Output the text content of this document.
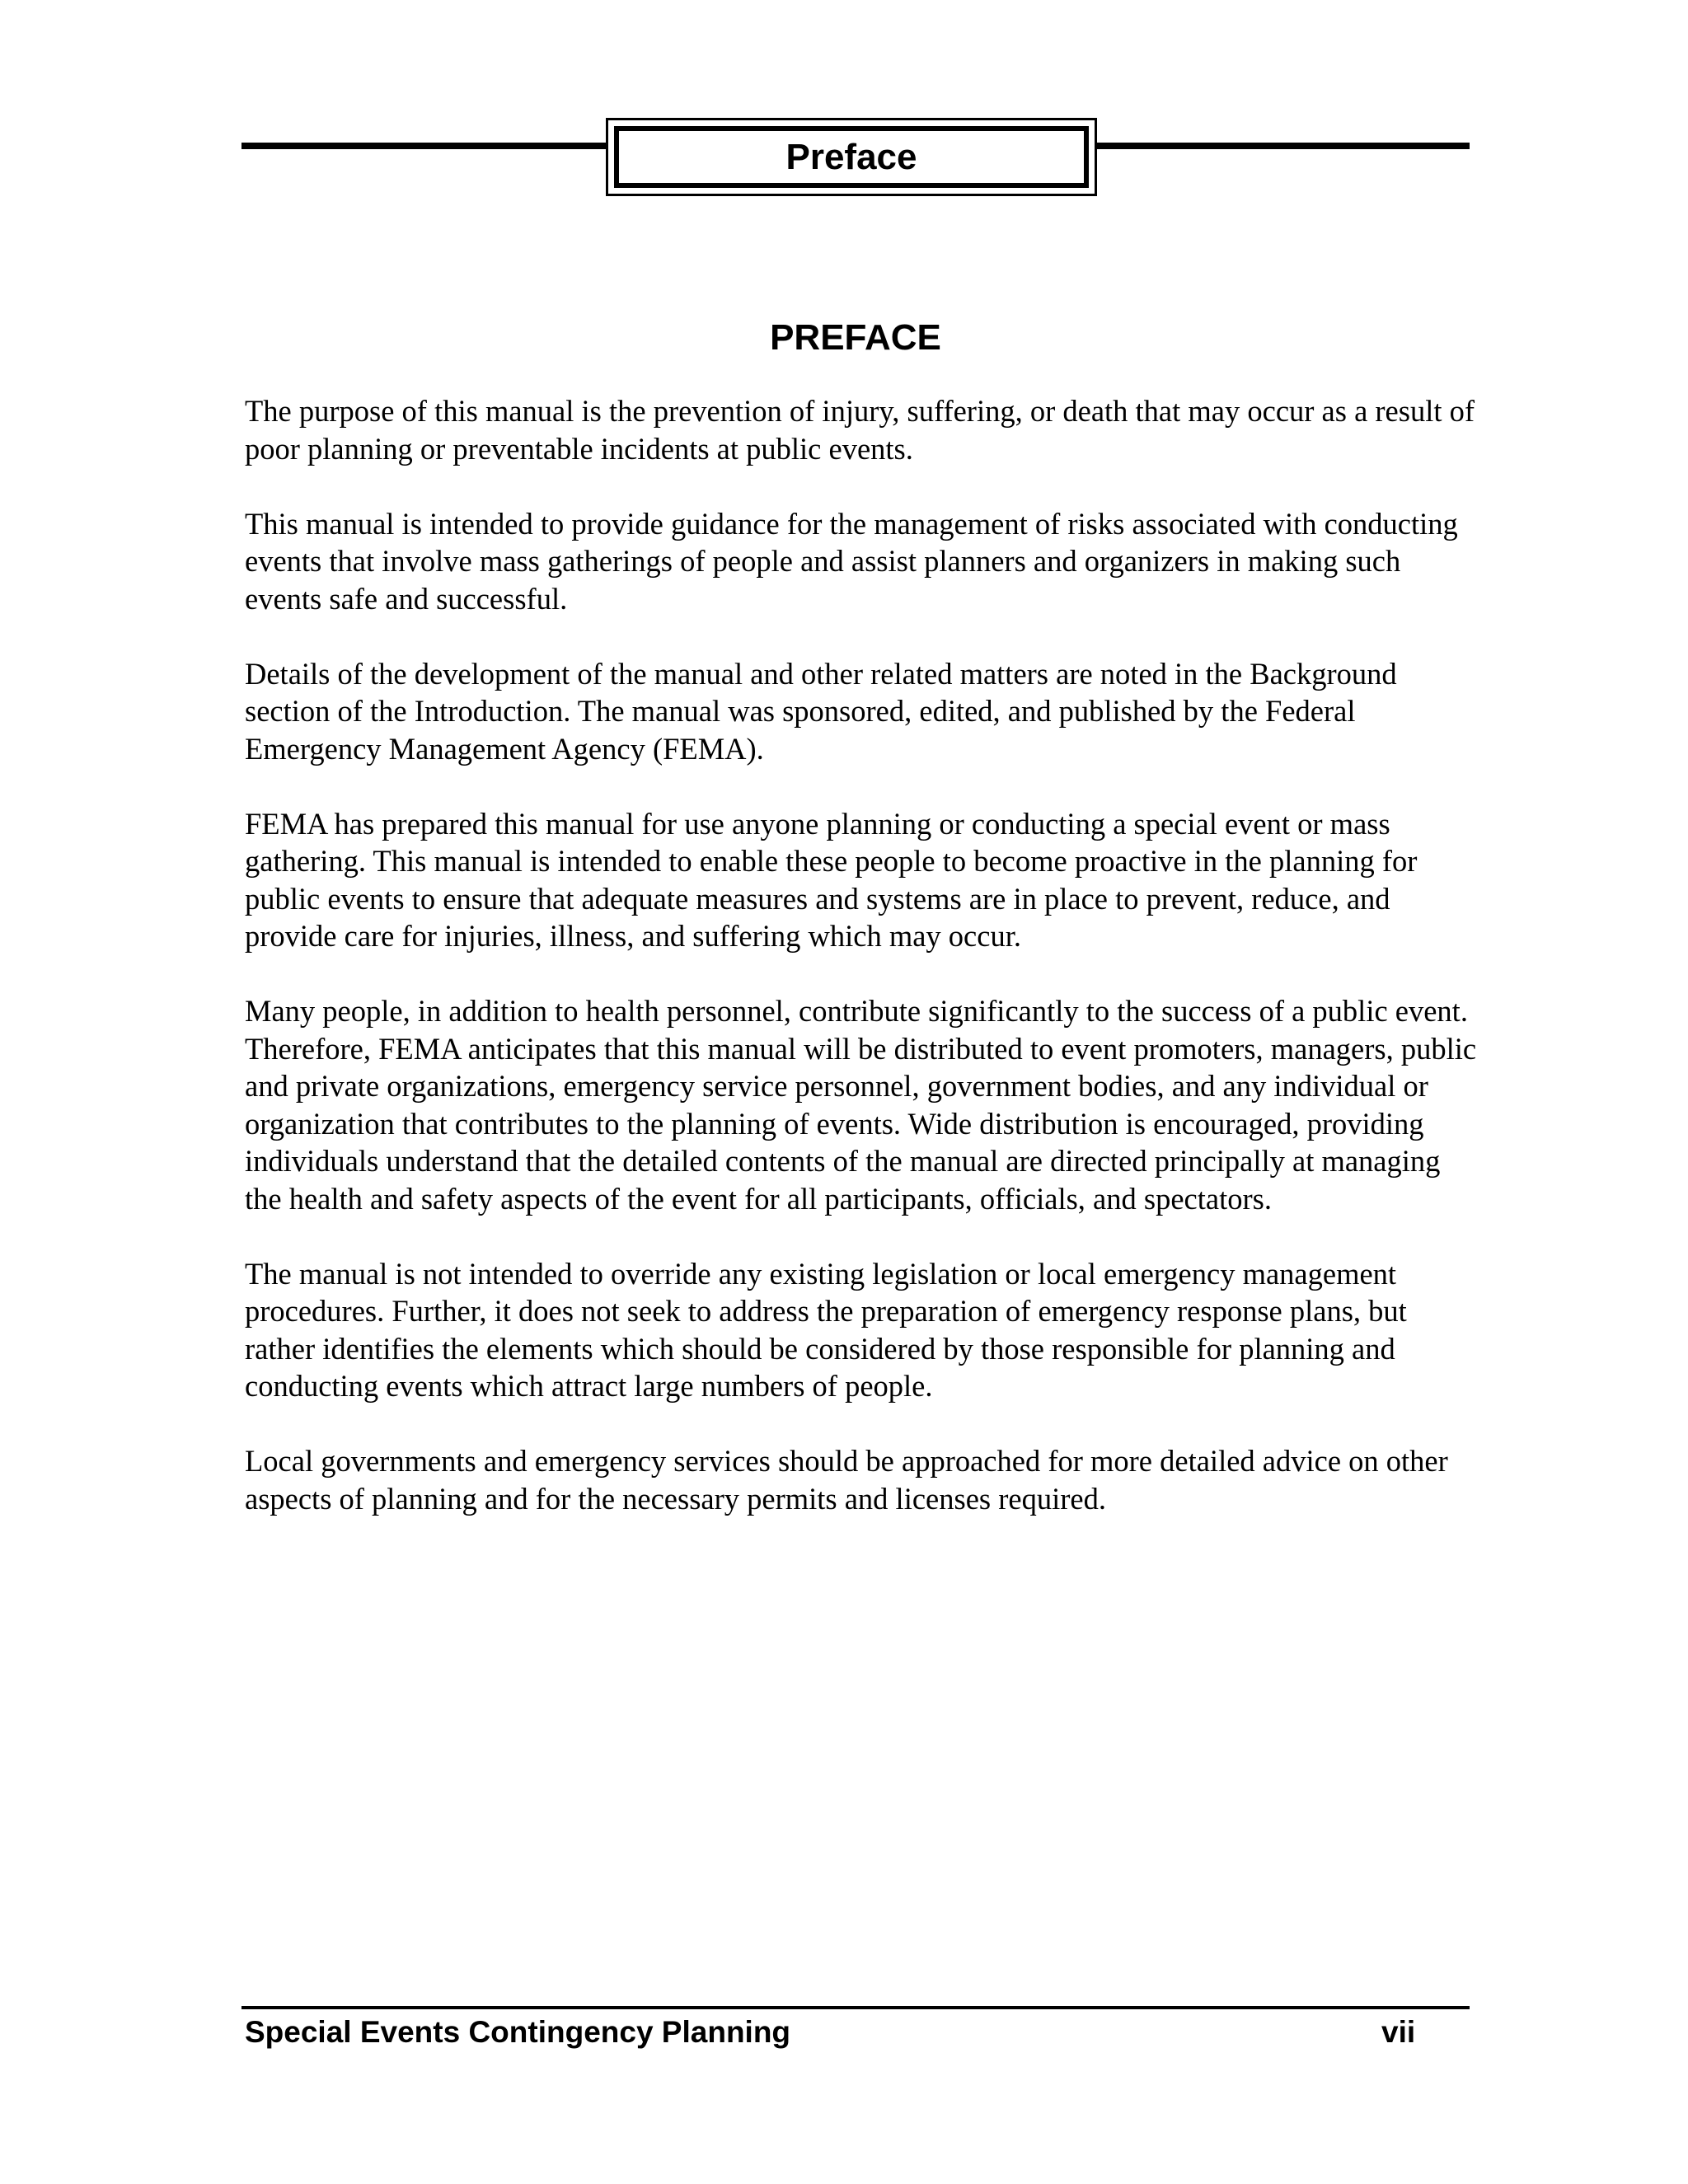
Preface
PREFACE

The purpose of this manual is the prevention of injury, suffering, or death that may occur as a result of poor planning or preventable incidents at public events.

This manual is intended to provide guidance for the management of risks associated with conducting events that involve mass gatherings of people and assist planners and organizers in making such events safe and successful.

Details of the development of the manual and other related matters are noted in the Background section of the Introduction. The manual was sponsored, edited, and published by the Federal Emergency Management Agency (FEMA).

FEMA has prepared this manual for use anyone planning or conducting a special event or mass gathering. This manual is intended to enable these people to become proactive in the planning for public events to ensure that adequate measures and systems are in place to prevent, reduce, and provide care for injuries, illness, and suffering which may occur.

Many people, in addition to health personnel, contribute significantly to the success of a public event. Therefore, FEMA anticipates that this manual will be distributed to event promoters, managers, public and private organizations, emergency service personnel, government bodies, and any individual or organization that contributes to the planning of events. Wide distribution is encouraged, providing individuals understand that the detailed contents of the manual are directed principally at managing the health and safety aspects of the event for all participants, officials, and spectators.

The manual is not intended to override any existing legislation or local emergency management procedures. Further, it does not seek to address the preparation of emergency response plans, but rather identifies the elements which should be considered by those responsible for planning and conducting events which attract large numbers of people.

Local governments and emergency services should be approached for more detailed advice on other aspects of planning and for the necessary permits and licenses required.

Special Events Contingency Planning	vii
